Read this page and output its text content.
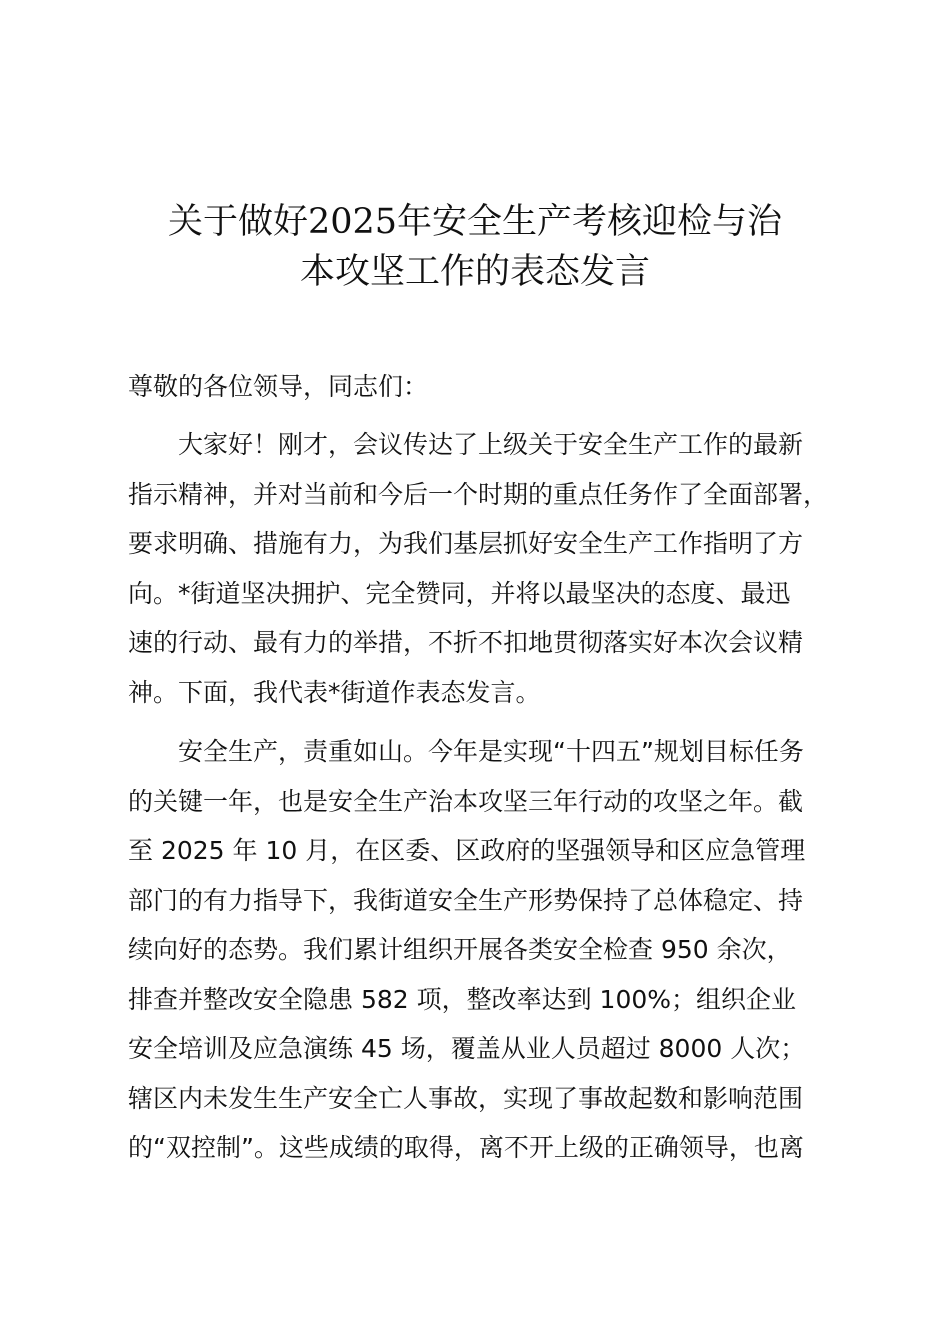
关于做好2025年安全生产考核迎检与治
本攻坚工作的表态发言
尊敬的各位领导，同志们：
大家好！刚才，会议传达了上级关于安全生产工作的最新
指示精神，并对当前和今后一个时期的重点任务作了全面部署，
要求明确、措施有力，为我们基层抓好安全生产工作指明了方
向。*街道坚决拥护、完全赞同，并将以最坚决的态度、最迅
速的行动、最有力的举措，不折不扣地贯彻落实好本次会议精
神。下面，我代表*街道作表态发言。
安全生产，责重如山。今年是实现“十四五”规划目标任务
的关键一年，也是安全生产治本攻坚三年行动的攻坚之年。截
至 2025 年 10 月，在区委、区政府的坚强领导和区应急管理
部门的有力指导下，我街道安全生产形势保持了总体稳定、持
续向好的态势。我们累计组织开展各类安全检查 950 余次，
排查并整改安全隐患 582 项，整改率达到 100%；组织企业
安全培训及应急演练 45 场，覆盖从业人员超过 8000 人次；
辖区内未发生生产安全亡人事故，实现了事故起数和影响范围
的“双控制”。这些成绩的取得，离不开上级的正确领导，也离
